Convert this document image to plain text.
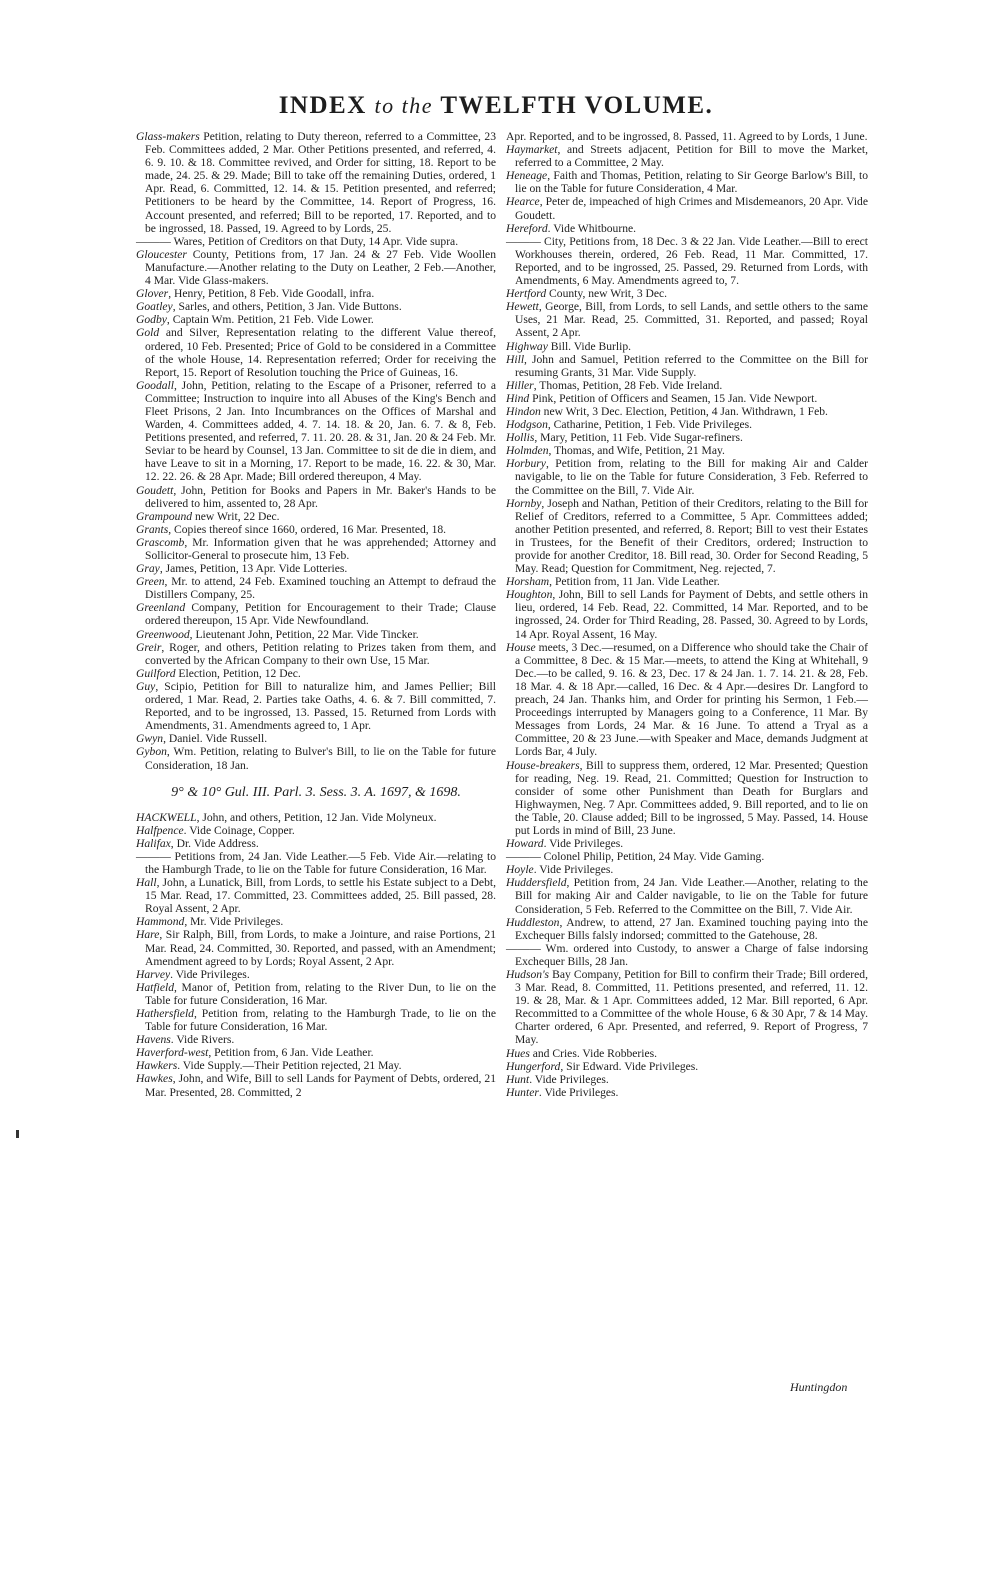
INDEX to the TWELFTH VOLUME.

Glass-makers Petition, relating to Duty thereon, referred to a Committee, 23 Feb. Committees added, 2 Mar. Other Petitions presented, and referred, 4. 6. 9. 10. & 18. Committee revived, and Order for sitting, 18. Report to be made, 24. 25. & 29. Made; Bill to take off the remaining Duties, ordered, 1 Apr. Read, 6. Committed, 12. 14. & 15. Petition presented, and referred; Petitioners to be heard by the Committee, 14. Report of Progress, 16. Account presented, and referred; Bill to be reported, 17. Reported, and to be ingrossed, 18. Passed, 19. Agreed to by Lords, 25.

——— Wares, Petition of Creditors on that Duty, 14 Apr. Vide supra.

Gloucester County, Petitions from, 17 Jan. 24 & 27 Feb. Vide Woollen Manufacture.—Another relating to the Duty on Leather, 2 Feb.—Another, 4 Mar. Vide Glass-makers.

Glover, Henry, Petition, 8 Feb. Vide Goodall, infra.

Goatley, Sarles, and others, Petition, 3 Jan. Vide Buttons.

Godby, Captain Wm. Petition, 21 Feb. Vide Lower.

Gold and Silver, Representation relating to the different Value thereof, ordered, 10 Feb. Presented; Price of Gold to be considered in a Committee of the whole House, 14. Representation referred; Order for receiving the Report, 15. Report of Resolution touching the Price of Guineas, 16.

Goodall, John, Petition, relating to the Escape of a Prisoner, referred to a Committee; Instruction to inquire into all Abuses of the King's Bench and Fleet Prisons, 2 Jan. Into Incumbrances on the Offices of Marshal and Warden, 4. Committees added, 4. 7. 14. 18. & 20, Jan. 6. 7. & 8, Feb. Petitions presented, and referred, 7. 11. 20. 28. & 31, Jan. 20 & 24 Feb. Mr. Seviar to be heard by Counsel, 13 Jan. Committee to sit de die in diem, and have Leave to sit in a Morning, 17. Report to be made, 16. 22. & 30, Mar. 12. 22. 26. & 28 Apr. Made; Bill ordered thereupon, 4 May.

Goudett, John, Petition for Books and Papers in Mr. Baker's Hands to be delivered to him, assented to, 28 Apr.

Grampound new Writ, 22 Dec.

Grants, Copies thereof since 1660, ordered, 16 Mar. Presented, 18.

Grascomb, Mr. Information given that he was apprehended; Attorney and Sollicitor-General to prosecute him, 13 Feb.

Gray, James, Petition, 13 Apr. Vide Lotteries.

Green, Mr. to attend, 24 Feb. Examined touching an Attempt to defraud the Distillers Company, 25.

Greenland Company, Petition for Encouragement to their Trade; Clause ordered thereupon, 15 Apr. Vide Newfoundland.

Greenwood, Lieutenant John, Petition, 22 Mar. Vide Tincker.

Greir, Roger, and others, Petition relating to Prizes taken from them, and converted by the African Company to their own Use, 15 Mar.

Guilford Election, Petition, 12 Dec.

Guy, Scipio, Petition for Bill to naturalize him, and James Pellier; Bill ordered, 1 Mar. Read, 2. Parties take Oaths, 4. 6. & 7. Bill committed, 7. Reported, and to be ingrossed, 13. Passed, 15. Returned from Lords with Amendments, 31. Amendments agreed to, 1 Apr.

Gwyn, Daniel. Vide Russell.

Gybon, Wm. Petition, relating to Bulver's Bill, to lie on the Table for future Consideration, 18 Jan.

9° & 10° Gul. III. Parl. 3. Sess. 3. A. 1697, & 1698.

HACKWELL, John, and others, Petition, 12 Jan. Vide Molyneux.

Halfpence. Vide Coinage, Copper.

Halifax, Dr. Vide Address.

——— Petitions from, 24 Jan. Vide Leather.—5 Feb. Vide Air.—relating to the Hamburgh Trade, to lie on the Table for future Consideration, 16 Mar.

Hall, John, a Lunatick, Bill, from Lords, to settle his Estate subject to a Debt, 15 Mar. Read, 17. Committed, 23. Committees added, 25. Bill passed, 28. Royal Assent, 2 Apr.

Hammond, Mr. Vide Privileges.

Hare, Sir Ralph, Bill, from Lords, to make a Jointure, and raise Portions, 21 Mar. Read, 24. Committed, 30. Reported, and passed, with an Amendment; Amendment agreed to by Lords; Royal Assent, 2 Apr.

Harvey. Vide Privileges.

Hatfield, Manor of, Petition from, relating to the River Dun, to lie on the Table for future Consideration, 16 Mar.

Hathersfield, Petition from, relating to the Hamburgh Trade, to lie on the Table for future Consideration, 16 Mar.

Havens. Vide Rivers.

Haverford-west, Petition from, 6 Jan. Vide Leather.

Hawkers. Vide Supply.—Their Petition rejected, 21 May.

Hawkes, John, and Wife, Bill to sell Lands for Payment of Debts, ordered, 21 Mar. Presented, 28. Committed, 2

Apr. Reported, and to be ingrossed, 8. Passed, 11. Agreed to by Lords, 1 June.

Haymarket, and Streets adjacent, Petition for Bill to move the Market, referred to a Committee, 2 May.

Heneage, Faith and Thomas, Petition, relating to Sir George Barlow's Bill, to lie on the Table for future Consideration, 4 Mar.

Hearce, Peter de, impeached of high Crimes and Misdemeanors, 20 Apr. Vide Goudett.

Hereford. Vide Whitbourne.

——— City, Petitions from, 18 Dec. 3 & 22 Jan. Vide Leather.—Bill to erect Workhouses therein, ordered, 26 Feb. Read, 11 Mar. Committed, 17. Reported, and to be ingrossed, 25. Passed, 29. Returned from Lords, with Amendments, 6 May. Amendments agreed to, 7.

Hertford County, new Writ, 3 Dec.

Hewett, George, Bill, from Lords, to sell Lands, and settle others to the same Uses, 21 Mar. Read, 25. Committed, 31. Reported, and passed; Royal Assent, 2 Apr.

Highway Bill. Vide Burlip.

Hill, John and Samuel, Petition referred to the Committee on the Bill for resuming Grants, 31 Mar. Vide Supply.

Hiller, Thomas, Petition, 28 Feb. Vide Ireland.

Hind Pink, Petition of Officers and Seamen, 15 Jan. Vide Newport.

Hindon new Writ, 3 Dec. Election, Petition, 4 Jan. Withdrawn, 1 Feb.

Hodgson, Catharine, Petition, 1 Feb. Vide Privileges.

Hollis, Mary, Petition, 11 Feb. Vide Sugar-refiners.

Holmden, Thomas, and Wife, Petition, 21 May.

Horbury, Petition from, relating to the Bill for making Air and Calder navigable, to lie on the Table for future Consideration, 3 Feb. Referred to the Committee on the Bill, 7. Vide Air.

Hornby, Joseph and Nathan, Petition of their Creditors, relating to the Bill for Relief of Creditors, referred to a Committee, 5 Apr. Committees added; another Petition presented, and referred, 8. Report; Bill to vest their Estates in Trustees, for the Benefit of their Creditors, ordered; Instruction to provide for another Creditor, 18. Bill read, 30. Order for Second Reading, 5 May. Read; Question for Commitment, Neg. rejected, 7.

Horsham, Petition from, 11 Jan. Vide Leather.

Houghton, John, Bill to sell Lands for Payment of Debts, and settle others in lieu, ordered, 14 Feb. Read, 22. Committed, 14 Mar. Reported, and to be ingrossed, 24. Order for Third Reading, 28. Passed, 30. Agreed to by Lords, 14 Apr. Royal Assent, 16 May.

House meets, 3 Dec.—resumed, on a Difference who should take the Chair of a Committee, 8 Dec. & 15 Mar.—meets, to attend the King at Whitehall, 9 Dec.—to be called, 9. 16. & 23, Dec. 17 & 24 Jan. 1. 7. 14. 21. & 28, Feb. 18 Mar. 4. & 18 Apr.—called, 16 Dec. & 4 Apr.—desires Dr. Langford to preach, 24 Jan. Thanks him, and Order for printing his Sermon, 1 Feb.—Proceedings interrupted by Managers going to a Conference, 11 Mar. By Messages from Lords, 24 Mar. & 16 June. To attend a Tryal as a Committee, 20 & 23 June.—with Speaker and Mace, demands Judgment at Lords Bar, 4 July.

House-breakers, Bill to suppress them, ordered, 12 Mar. Presented; Question for reading, Neg. 19. Read, 21. Committed; Question for Instruction to consider of some other Punishment than Death for Burglars and Highwaymen, Neg. 7 Apr. Committees added, 9. Bill reported, and to lie on the Table, 20. Clause added; Bill to be ingrossed, 5 May. Passed, 14. House put Lords in mind of Bill, 23 June.

Howard. Vide Privileges.

——— Colonel Philip, Petition, 24 May. Vide Gaming.

Hoyle. Vide Privileges.

Huddersfield, Petition from, 24 Jan. Vide Leather.—Another, relating to the Bill for making Air and Calder navigable, to lie on the Table for future Consideration, 5 Feb. Referred to the Committee on the Bill, 7. Vide Air.

Huddleston, Andrew, to attend, 27 Jan. Examined touching paying into the Exchequer Bills falsly indorsed; committed to the Gatehouse, 28.

——— Wm. ordered into Custody, to answer a Charge of false indorsing Exchequer Bills, 28 Jan.

Hudson's Bay Company, Petition for Bill to confirm their Trade; Bill ordered, 3 Mar. Read, 8. Committed, 11. Petitions presented, and referred, 11. 12. 19. & 28, Mar. & 1 Apr. Committees added, 12 Mar. Bill reported, 6 Apr. Recommitted to a Committee of the whole House, 6 & 30 Apr, 7 & 14 May. Charter ordered, 6 Apr. Presented, and referred, 9. Report of Progress, 7 May.

Hues and Cries. Vide Robberies.

Hungerford, Sir Edward. Vide Privileges.

Hunt. Vide Privileges.

Hunter. Vide Privileges.

Huntingdon
